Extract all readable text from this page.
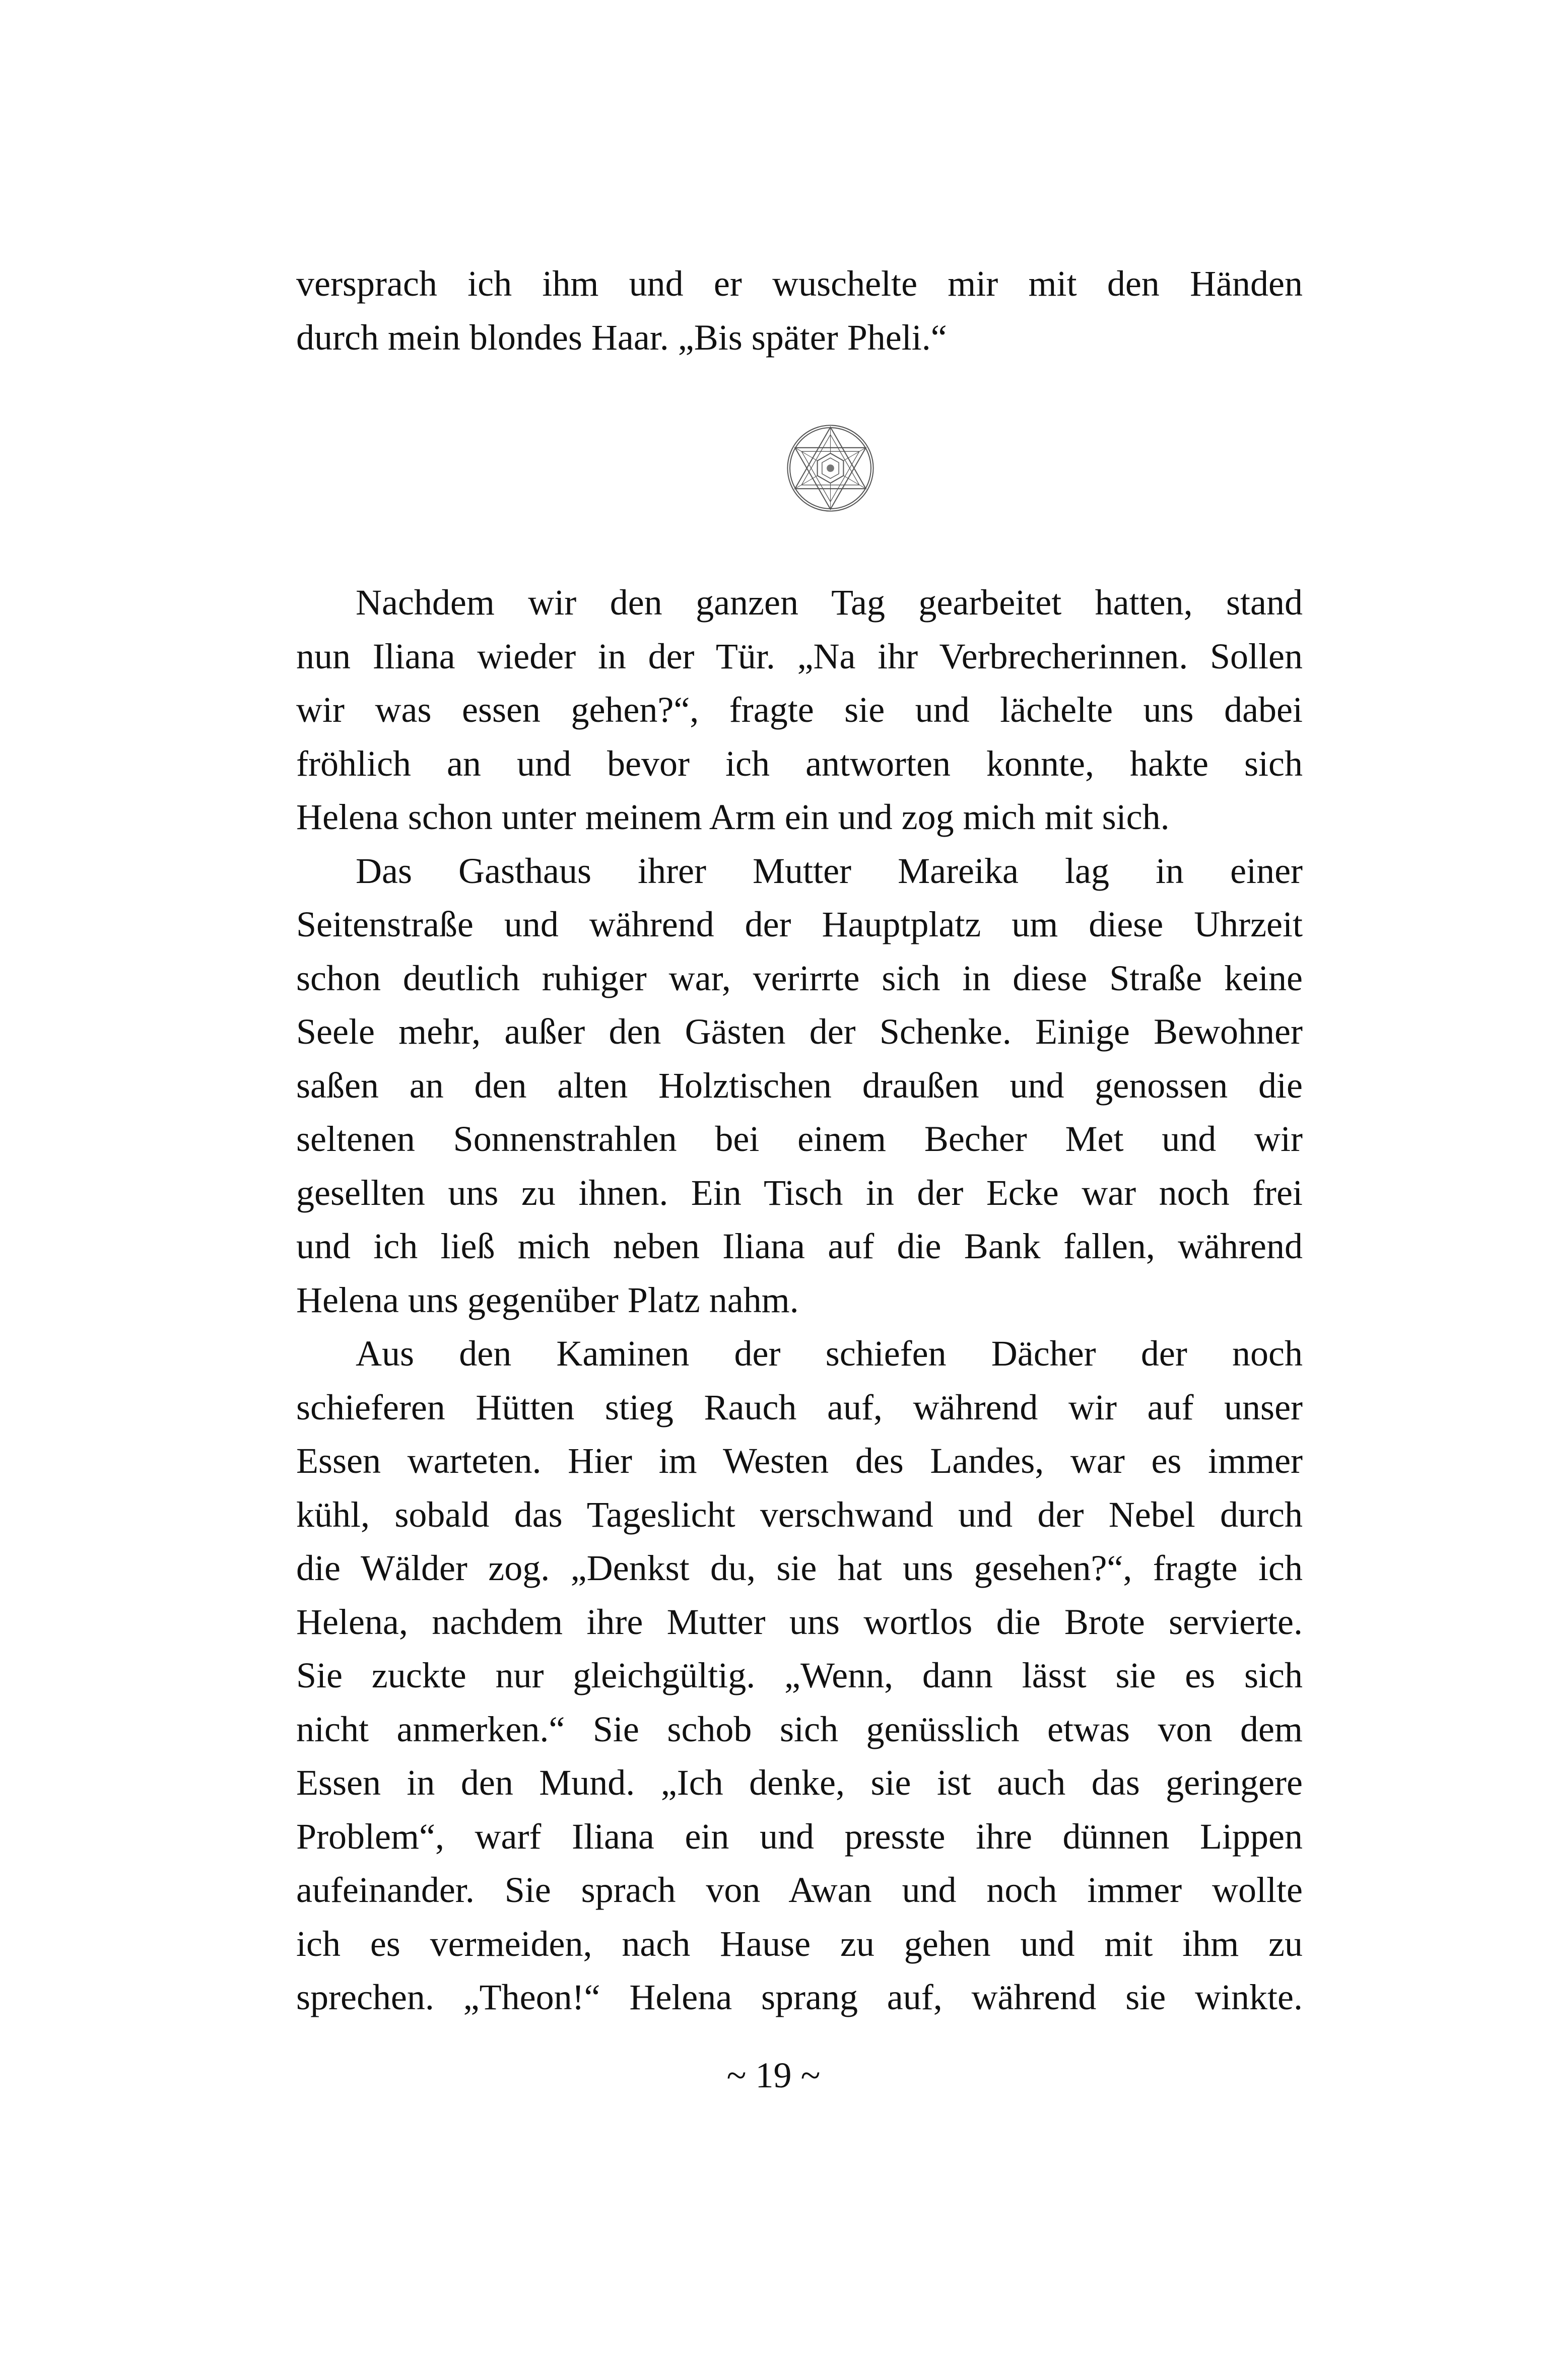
versprach ich ihm und er wuschelte mir mit den Händen

durch mein blondes Haar. „Bis später Pheli.“

Nachdem wir den ganzen Tag gearbeitet hatten, stand
nun Iliana wieder in der Tür. „Na ihr Verbrecherinnen. Sollen
wir was essen gehen?“, fragte sie und lächelte uns dabei
fröhlich an und bevor ich antworten konnte, hakte sich
Helena schon unter meinem Arm ein und zog mich mit sich.

Das Gasthaus ihrer Mutter Mareika lag in einer
Seitenstraße und während der Hauptplatz um diese Uhrzeit
schon deutlich ruhiger war, verirrte sich in diese Straße keine
Seele mehr, außer den Gästen der Schenke. Einige Bewohner
saßen an den alten Holztischen draußen und genossen die
seltenen Sonnenstrahlen bei einem Becher Met und wir
gesellten uns zu ihnen. Ein Tisch in der Ecke war noch frei
und ich ließ mich neben Iliana auf die Bank fallen, während
Helena uns gegenüber Platz nahm.

Aus den Kaminen der schiefen Dächer der noch
schieferen Hütten stieg Rauch auf, während wir auf unser
Essen warteten. Hier im Westen des Landes, war es immer
kühl, sobald das Tageslicht verschwand und der Nebel durch
die Wälder zog. „Denkst du, sie hat uns gesehen?“, fragte ich
Helena, nachdem ihre Mutter uns wortlos die Brote servierte.
Sie zuckte nur gleichgültig. „Wenn, dann lässt sie es sich
nicht anmerken.“ Sie schob sich genüsslich etwas von dem
Essen in den Mund. „Ich denke, sie ist auch das geringere
Problem“, warf Iliana ein und presste ihre dünnen Lippen
aufeinander. Sie sprach von Awan und noch immer wollte
ich es vermeiden, nach Hause zu gehen und mit ihm zu
sprechen. „Theon!“ Helena sprang auf, während sie winkte.

~ 19 ~
